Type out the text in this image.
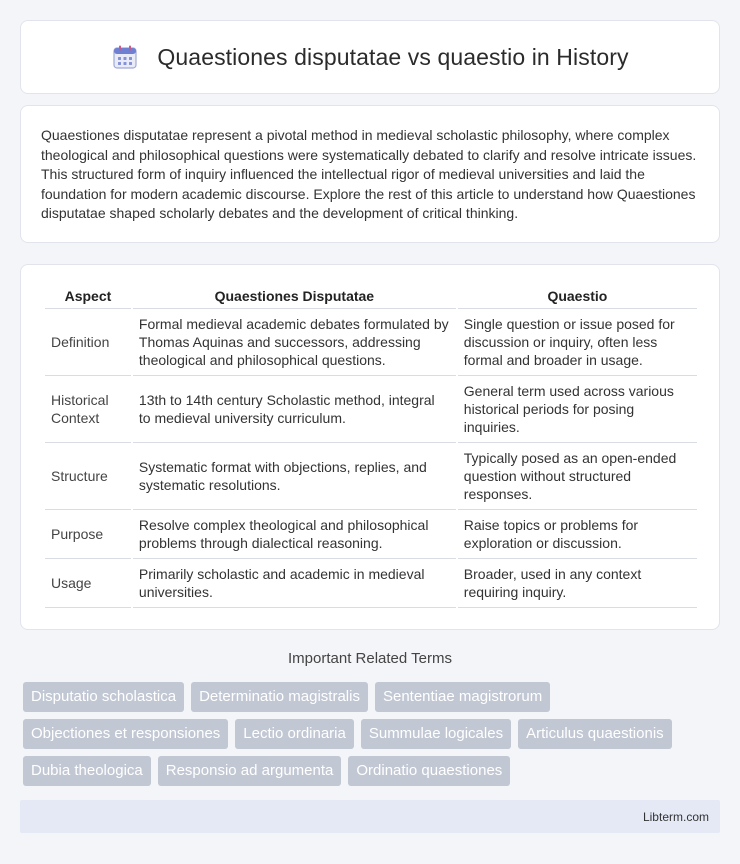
Quaestiones disputatae vs quaestio in History

Quaestiones disputatae represent a pivotal method in medieval scholastic philosophy, where complex theological and philosophical questions were systematically debated to clarify and resolve intricate issues. This structured form of inquiry influenced the intellectual rigor of medieval universities and laid the foundation for modern academic discourse. Explore the rest of this article to understand how Quaestiones disputatae shaped scholarly debates and the development of critical thinking.

Aspect	Quaestiones Disputatae	Quaestio
Definition	Formal medieval academic debates formulated by Thomas Aquinas and successors, addressing theological and philosophical questions.	Single question or issue posed for discussion or inquiry, often less formal and broader in usage.
Historical Context	13th to 14th century Scholastic method, integral to medieval university curriculum.	General term used across various historical periods for posing inquiries.
Structure	Systematic format with objections, replies, and systematic resolutions.	Typically posed as an open-ended question without structured responses.
Purpose	Resolve complex theological and philosophical problems through dialectical reasoning.	Raise topics or problems for exploration or discussion.
Usage	Primarily scholastic and academic in medieval universities.	Broader, used in any context requiring inquiry.
Important Related Terms
Disputatio scholastica	Determinatio magistralis	Sententiae magistrorum
Objectiones et responsiones	Lectio ordinaria	Summulae logicales	Articulus quaestionis
Dubia theologica	Responsio ad argumenta	Ordinatio quaestiones
Libterm.com
